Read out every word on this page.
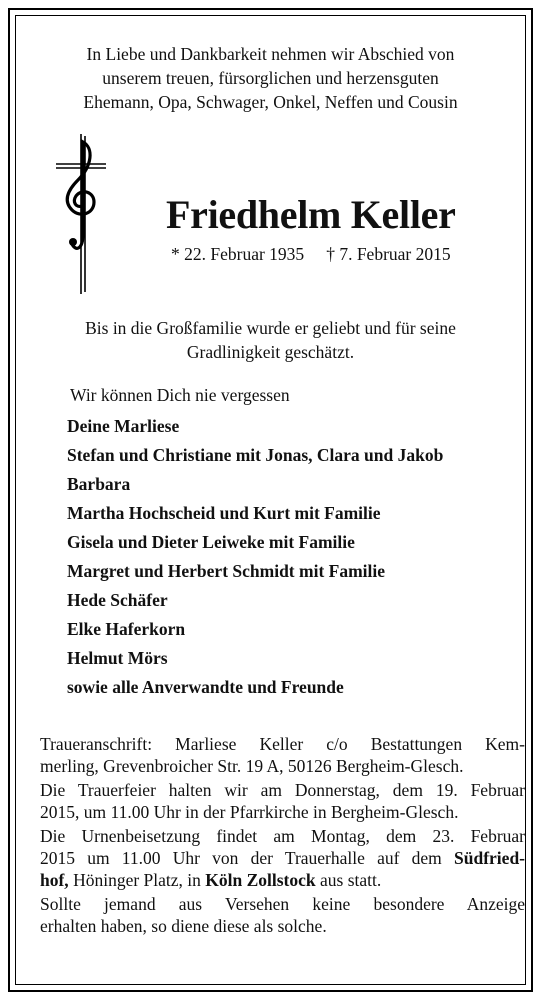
In Liebe und Dankbarkeit nehmen wir Abschied von
unserem treuen, fürsorglichen und herzensguten
Ehemann, Opa, Schwager, Onkel, Neffen und Cousin
Friedhelm Keller
* 22. Februar 1935 † 7. Februar 2015
Bis in die Großfamilie wurde er geliebt und für seine
Gradlinigkeit geschätzt.
Wir können Dich nie vergessen
Deine Marliese
Stefan und Christiane mit Jonas, Clara und Jakob
Barbara
Martha Hochscheid und Kurt mit Familie
Gisela und Dieter Leiweke mit Familie
Margret und Herbert Schmidt mit Familie
Hede Schäfer
Elke Haferkorn
Helmut Mörs
sowie alle Anverwandte und Freunde
Traueranschrift: Marliese Keller c/o Bestattungen Kem-
merling, Grevenbroicher Str. 19 A, 50126 Bergheim-Glesch.
Die Trauerfeier halten wir am Donnerstag, dem 19. Februar
2015, um 11.00 Uhr in der Pfarrkirche in Bergheim-Glesch.
Die Urnenbeisetzung findet am Montag, dem 23. Februar
2015 um 11.00 Uhr von der Trauerhalle auf dem Südfried-
hof, Höninger Platz, in Köln Zollstock aus statt.
Sollte jemand aus Versehen keine besondere Anzeige
erhalten haben, so diene diese als solche.
